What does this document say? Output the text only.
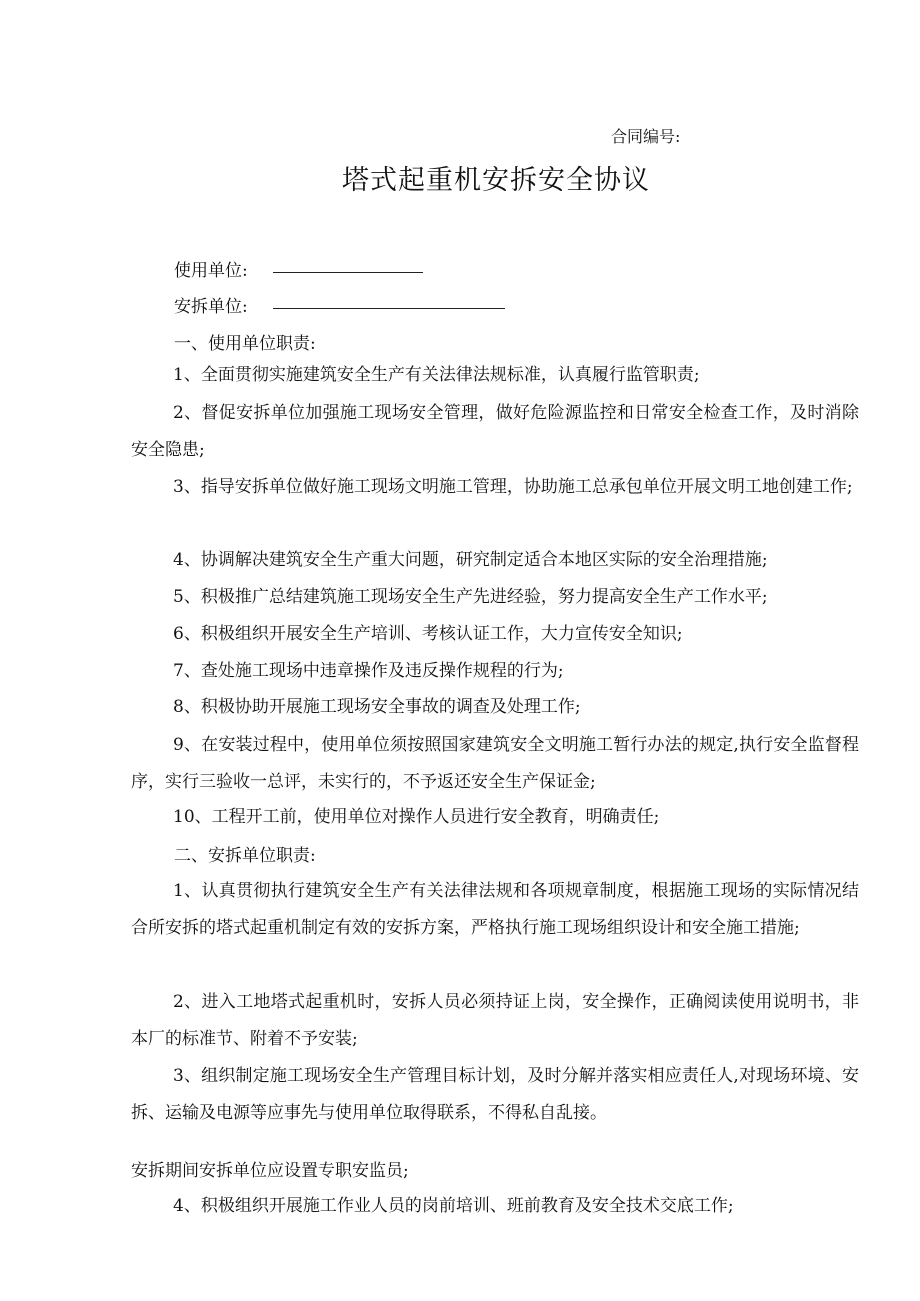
合同编号:
塔式起重机安拆安全协议
使用单位:
安拆单位:
一、使用单位职责:
1、全面贯彻实施建筑安全生产有关法律法规标准，认真履行监管职责;
2、督促安拆单位加强施工现场安全管理，做好危险源监控和日常安全检查工作，及时消除安全隐患;
3、指导安拆单位做好施工现场文明施工管理，协助施工总承包单位开展文明工地创建工作;
4、协调解决建筑安全生产重大问题，研究制定适合本地区实际的安全治理措施;
5、积极推广总结建筑施工现场安全生产先进经验，努力提高安全生产工作水平;
6、积极组织开展安全生产培训、考核认证工作，大力宣传安全知识;
7、查处施工现场中违章操作及违反操作规程的行为;
8、积极协助开展施工现场安全事故的调查及处理工作;
9、在安装过程中，使用单位须按照国家建筑安全文明施工暂行办法的规定,执行安全监督程序，实行三验收一总评，未实行的，不予返还安全生产保证金;
10、工程开工前，使用单位对操作人员进行安全教育，明确责任;
二、安拆单位职责:
1、认真贯彻执行建筑安全生产有关法律法规和各项规章制度，根据施工现场的实际情况结合所安拆的塔式起重机制定有效的安拆方案，严格执行施工现场组织设计和安全施工措施;
2、进入工地塔式起重机时，安拆人员必须持证上岗，安全操作，正确阅读使用说明书，非本厂的标准节、附着不予安装;
3、组织制定施工现场安全生产管理目标计划，及时分解并落实相应责任人,对现场环境、安拆、运输及电源等应事先与使用单位取得联系，不得私自乱接。
安拆期间安拆单位应设置专职安监员;
4、积极组织开展施工作业人员的岗前培训、班前教育及安全技术交底工作;
